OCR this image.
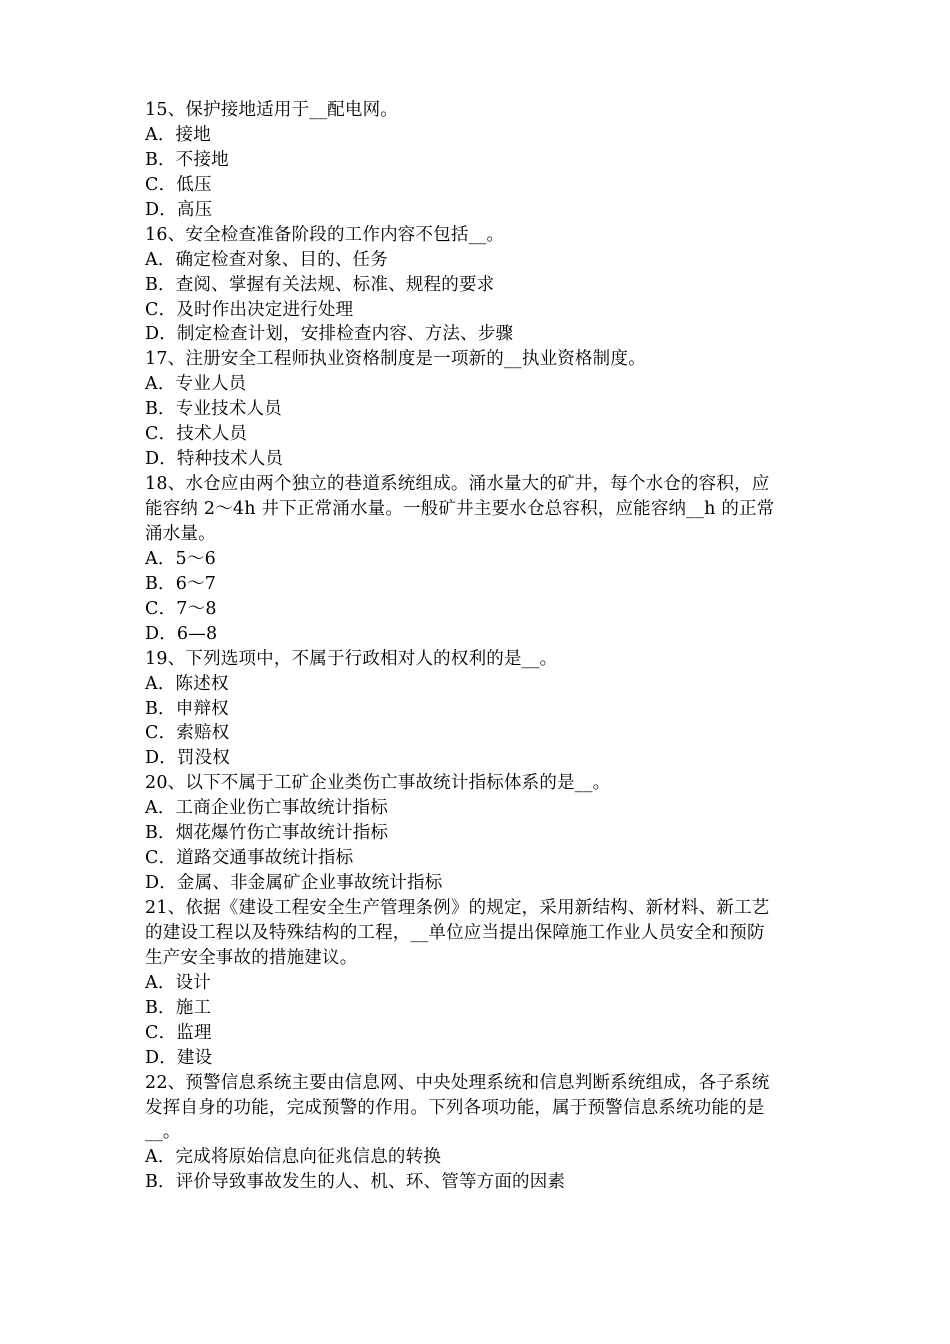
15、保护接地适用于__配电网。
A．接地
B．不接地
C．低压
D．高压
16、安全检查准备阶段的工作内容不包括__。
A．确定检查对象、目的、任务
B．查阅、掌握有关法规、标准、规程的要求
C．及时作出决定进行处理
D．制定检查计划，安排检查内容、方法、步骤
17、注册安全工程师执业资格制度是一项新的__执业资格制度。
A．专业人员
B．专业技术人员
C．技术人员
D．特种技术人员
18、水仓应由两个独立的巷道系统组成。涌水量大的矿井，每个水仓的容积，应
能容纳 2～4h 井下正常涌水量。一般矿井主要水仓总容积，应能容纳__h 的正常
涌水量。
A．5～6
B．6～7
C．7～8
D．6—8
19、下列选项中，不属于行政相对人的权利的是__。
A．陈述权
B．申辩权
C．索赔权
D．罚没权
20、以下不属于工矿企业类伤亡事故统计指标体系的是__。
A．工商企业伤亡事故统计指标
B．烟花爆竹伤亡事故统计指标
C．道路交通事故统计指标
D．金属、非金属矿企业事故统计指标
21、依据《建设工程安全生产管理条例》的规定，采用新结构、新材料、新工艺
的建设工程以及特殊结构的工程，__单位应当提出保障施工作业人员安全和预防
生产安全事故的措施建议。
A．设计
B．施工
C．监理
D．建设
22、预警信息系统主要由信息网、中央处理系统和信息判断系统组成，各子系统
发挥自身的功能，完成预警的作用。下列各项功能，属于预警信息系统功能的是
__。
A．完成将原始信息向征兆信息的转换
B．评价导致事故发生的人、机、环、管等方面的因素
